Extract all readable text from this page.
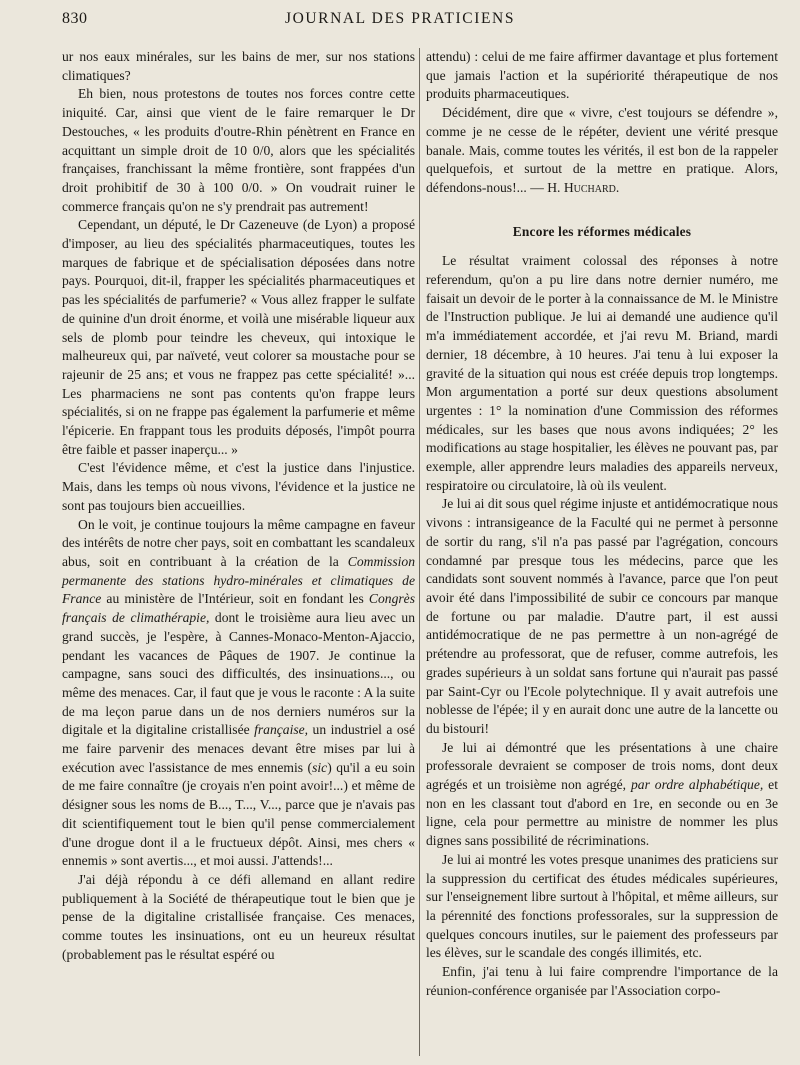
830	JOURNAL DES PRATICIENS

ur nos eaux minérales, sur les bains de mer, sur nos stations climatiques?

Eh bien, nous protestons de toutes nos forces contre cette iniquité. Car, ainsi que vient de le faire remarquer le Dr Destouches, « les produits d'outre-Rhin pénètrent en France en acquittant un simple droit de 10 0/0, alors que les spécialités françaises, franchissant la même frontière, sont frappées d'un droit prohibitif de 30 à 100 0/0. » On voudrait ruiner le commerce français qu'on ne s'y prendrait pas autrement!

Cependant, un député, le Dr Cazeneuve (de Lyon) a proposé d'imposer, au lieu des spécialités pharmaceutiques, toutes les marques de fabrique et de spécialisation déposées dans notre pays. Pourquoi, dit-il, frapper les spécialités pharmaceutiques et pas les spécialités de parfumerie? « Vous allez frapper le sulfate de quinine d'un droit énorme, et voilà une misérable liqueur aux sels de plomb pour teindre les cheveux, qui intoxique le malheureux qui, par naïveté, veut colorer sa moustache pour se rajeunir de 25 ans; et vous ne frappez pas cette spécialité! »... Les pharmaciens ne sont pas contents qu'on frappe leurs spécialités, si on ne frappe pas également la parfumerie et même l'épicerie. En frappant tous les produits déposés, l'impôt pourra être faible et passer inaperçu... »

C'est l'évidence même, et c'est la justice dans l'injustice. Mais, dans les temps où nous vivons, l'évidence et la justice ne sont pas toujours bien accueillies.

On le voit, je continue toujours la même campagne en faveur des intérêts de notre cher pays, soit en combattant les scandaleux abus, soit en contribuant à la création de la Commission permanente des stations hydro-minérales et climatiques de France au ministère de l'Intérieur, soit en fondant les Congrès français de climathérapie, dont le troisième aura lieu avec un grand succès, je l'espère, à Cannes-Monaco-Menton-Ajaccio, pendant les vacances de Pâques de 1907. Je continue la campagne, sans souci des difficultés, des insinuations..., ou même des menaces. Car, il faut que je vous le raconte : A la suite de ma leçon parue dans un de nos derniers numéros sur la digitale et la digitaline cristallisée française, un industriel a osé me faire parvenir des menaces devant être mises par lui à exécution avec l'assistance de mes ennemis (sic) qu'il a eu soin de me faire connaître (je croyais n'en point avoir!...) et même de désigner sous les noms de B..., T..., V..., parce que je n'avais pas dit scientifiquement tout le bien qu'il pense commercialement d'une drogue dont il a le fructueux dépôt. Ainsi, mes chers « ennemis » sont avertis..., et moi aussi. J'attends!...

J'ai déjà répondu à ce défi allemand en allant redire publiquement à la Société de thérapeutique tout le bien que je pense de la digitaline cristallisée française. Ces menaces, comme toutes les insinuations, ont eu un heureux résultat (probablement pas le résultat espéré ou

attendu) : celui de me faire affirmer davantage et plus fortement que jamais l'action et la supériorité thérapeutique de nos produits pharmaceutiques.

Décidément, dire que « vivre, c'est toujours se défendre », comme je ne cesse de le répéter, devient une vérité presque banale. Mais, comme toutes les vérités, il est bon de la rappeler quelquefois, et surtout de la mettre en pratique. Alors, défendons-nous!... — H. Huchard.

Encore les réformes médicales

Le résultat vraiment colossal des réponses à notre referendum, qu'on a pu lire dans notre dernier numéro, me faisait un devoir de le porter à la connaissance de M. le Ministre de l'Instruction publique. Je lui ai demandé une audience qu'il m'a immédiatement accordée, et j'ai revu M. Briand, mardi dernier, 18 décembre, à 10 heures. J'ai tenu à lui exposer la gravité de la situation qui nous est créée depuis trop longtemps. Mon argumentation a porté sur deux questions absolument urgentes : 1° la nomination d'une Commission des réformes médicales, sur les bases que nous avons indiquées; 2° les modifications au stage hospitalier, les élèves ne pouvant pas, par exemple, aller apprendre leurs maladies des appareils nerveux, respiratoire ou circulatoire, là où ils veulent.

Je lui ai dit sous quel régime injuste et antidémocratique nous vivons : intransigeance de la Faculté qui ne permet à personne de sortir du rang, s'il n'a pas passé par l'agrégation, concours condamné par presque tous les médecins, parce que les candidats sont souvent nommés à l'avance, parce que l'on peut avoir été dans l'impossibilité de subir ce concours par manque de fortune ou par maladie. D'autre part, il est aussi antidémocratique de ne pas permettre à un non-agrégé de prétendre au professorat, que de refuser, comme autrefois, les grades supérieurs à un soldat sans fortune qui n'aurait pas passé par Saint-Cyr ou l'Ecole polytechnique. Il y avait autrefois une noblesse de l'épée; il y en aurait donc une autre de la lancette ou du bistouri!

Je lui ai démontré que les présentations à une chaire professorale devraient se composer de trois noms, dont deux agrégés et un troisième non agrégé, par ordre alphabétique, et non en les classant tout d'abord en 1re, en seconde ou en 3e ligne, cela pour permettre au ministre de nommer les plus dignes sans possibilité de récriminations.

Je lui ai montré les votes presque unanimes des praticiens sur la suppression du certificat des études médicales supérieures, sur l'enseignement libre surtout à l'hôpital, et même ailleurs, sur la pérennité des fonctions professorales, sur la suppression de quelques concours inutiles, sur le paiement des professeurs par les élèves, sur le scandale des congés illimités, etc.

Enfin, j'ai tenu à lui faire comprendre l'importance de la réunion-conférence organisée par l'Association corpo-
